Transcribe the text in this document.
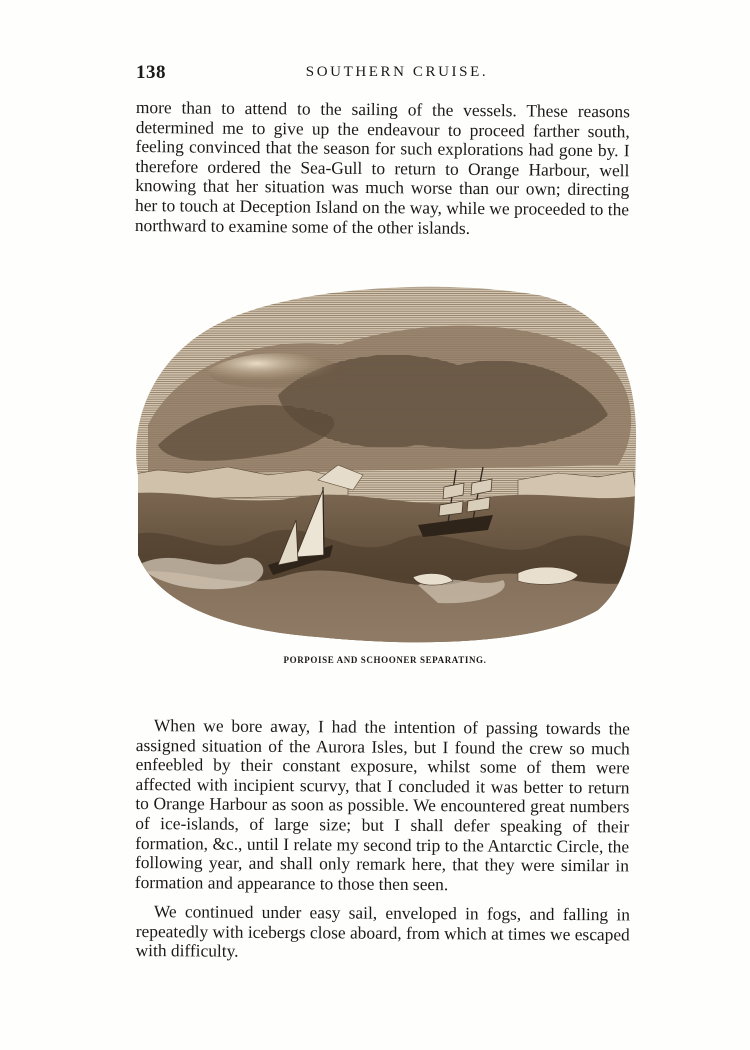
138	SOUTHERN CRUISE.

more than to attend to the sailing of the vessels. These reasons determined me to give up the endeavour to proceed farther south, feeling convinced that the season for such explorations had gone by. I therefore ordered the Sea-Gull to return to Orange Harbour, well knowing that her situation was much worse than our own; directing her to touch at Deception Island on the way, while we proceeded to the northward to examine some of the other islands.

PORPOISE AND SCHOONER SEPARATING.

When we bore away, I had the intention of passing towards the assigned situation of the Aurora Isles, but I found the crew so much enfeebled by their constant exposure, whilst some of them were affected with incipient scurvy, that I concluded it was better to return to Orange Harbour as soon as possible. We encountered great numbers of ice-islands, of large size; but I shall defer speaking of their formation, &c., until I relate my second trip to the Antarctic Circle, the following year, and shall only remark here, that they were similar in formation and appearance to those then seen.

We continued under easy sail, enveloped in fogs, and falling in repeatedly with icebergs close aboard, from which at times we escaped with difficulty.
